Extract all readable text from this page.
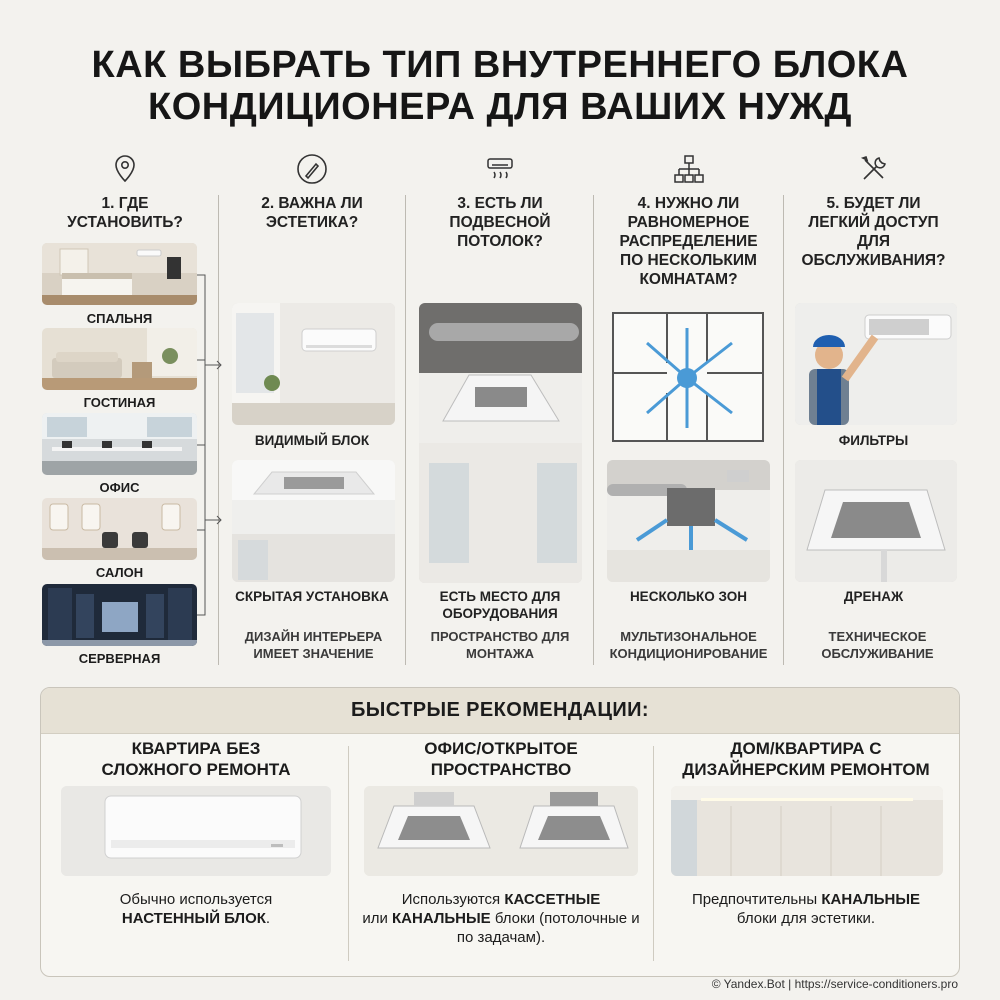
КАК ВЫБРАТЬ ТИП ВНУТРЕННЕГО БЛОКА
КОНДИЦИОНЕРА ДЛЯ ВАШИХ НУЖД
1. ГДЕ УСТАНОВИТЬ?
СПАЛЬНЯ
ГОСТИНАЯ
ОФИС
САЛОН
СЕРВЕРНАЯ
2. ВАЖНА ЛИ ЭСТЕТИКА?
ВИДИМЫЙ БЛОК
СКРЫТАЯ УСТАНОВКА
ДИЗАЙН ИНТЕРЬЕРА ИМЕЕТ ЗНАЧЕНИЕ
3. ЕСТЬ ЛИ ПОДВЕСНОЙ ПОТОЛОК?
ЕСТЬ МЕСТО ДЛЯ ОБОРУДОВАНИЯ
ПРОСТРАНСТВО ДЛЯ МОНТАЖА
4. НУЖНО ЛИ РАВНОМЕРНОЕ РАСПРЕДЕЛЕНИЕ ПО НЕСКОЛЬКИМ КОМНАТАМ?
НЕСКОЛЬКО ЗОН
МУЛЬТИЗОНАЛЬНОЕ КОНДИЦИОНИРОВАНИЕ
5. БУДЕТ ЛИ ЛЕГКИЙ ДОСТУП ДЛЯ ОБСЛУЖИВАНИЯ?
ФИЛЬТРЫ
ДРЕНАЖ
ТЕХНИЧЕСКОЕ ОБСЛУЖИВАНИЕ
БЫСТРЫЕ РЕКОМЕНДАЦИИ:
КВАРТИРА БЕЗ СЛОЖНОГО РЕМОНТА
Обычно используется
НАСТЕННЫЙ БЛОК.
ОФИС/ОТКРЫТОЕ ПРОСТРАНСТВО
Используются КАССЕТНЫЕ
или КАНАЛЬНЫЕ блоки (потолочные и по задачам).
ДОМ/КВАРТИРА С ДИЗАЙНЕРСКИМ РЕМОНТОМ
Предпочтительны КАНАЛЬНЫЕ
блоки для эстетики.
© Yandex.Bot | https://service-conditioners.pro
